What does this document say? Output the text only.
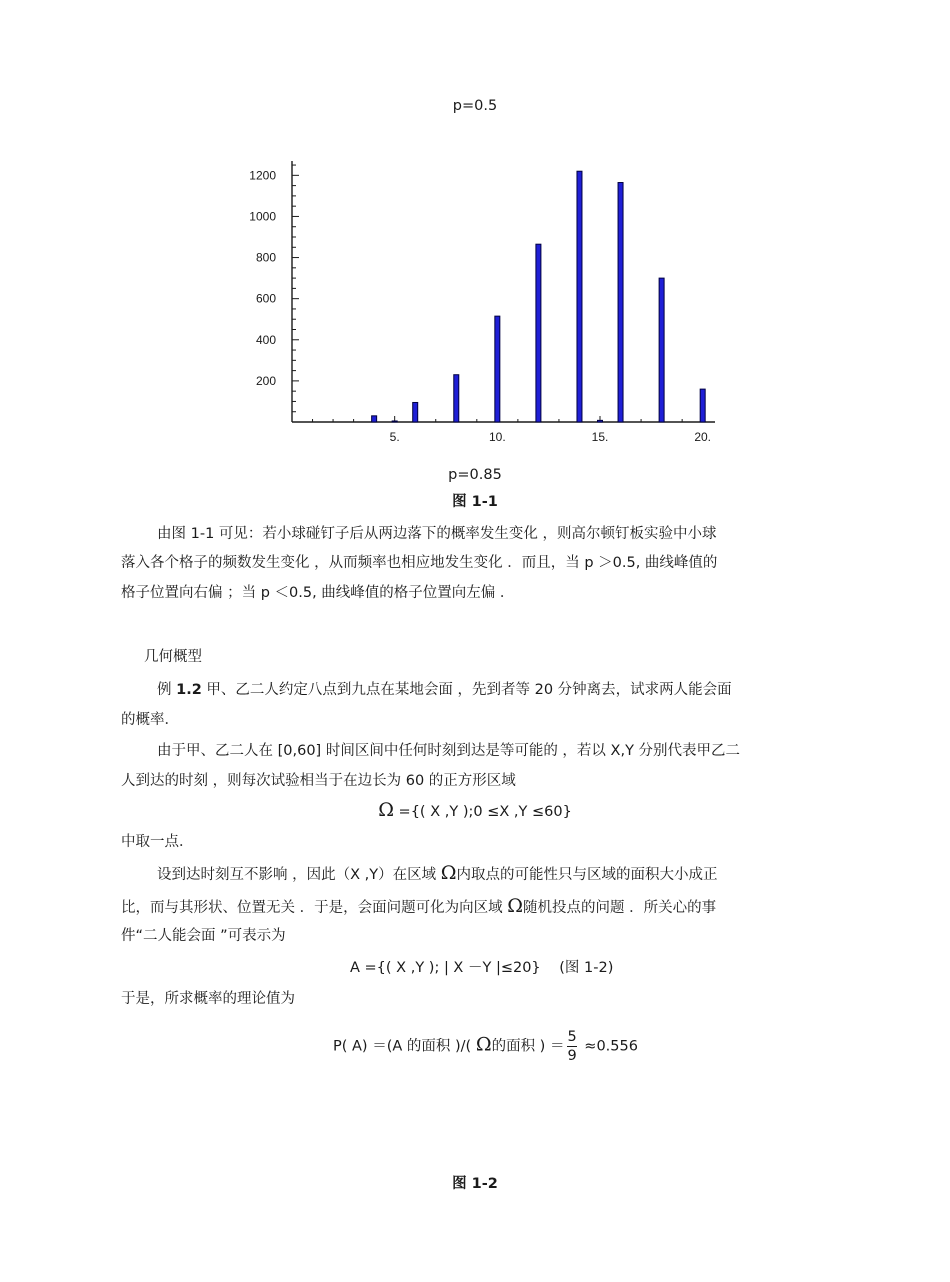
p=0.5
200
400
600
800
1000
1200
5.	10.	15.	20.
p=0.85
图 1-1
由图 1-1 可见：若小球碰钉子后从两边落下的概率发生变化 ，则高尔顿钉板实验中小球
落入各个格子的频数发生变化 ，从而频率也相应地发生变化 ．而且，当 p ＞0.5, 曲线峰值的
格子位置向右偏 ；当 p ＜0.5, 曲线峰值的格子位置向左偏 ．
几何概型
例 1.2 甲、乙二人约定八点到九点在某地会面 ，先到者等 20 分钟离去，试求两人能会面
的概率．
由于甲、乙二人在 [0,60] 时间区间中任何时刻到达是等可能的 ，若以 X,Y 分别代表甲乙二
人到达的时刻 ，则每次试验相当于在边长为 60 的正方形区域
Ω ={( X ,Y );0 ≤X ,Y ≤60}
中取一点．
设到达时刻互不影响 ，因此（X ,Y）在区域 Ω内取点的可能性只与区域的面积大小成正
比，而与其形状、位置无关 ．于是，会面问题可化为向区域 Ω随机投点的问题 ．所关心的事
件“二人能会面 ”可表示为
A ={( X ,Y ); | X －Y |≤20} (图 1-2)
于是，所求概率的理论值为
P( A) ＝(A 的面积 )/( Ω的面积 ) ＝ $\frac{5}{9} \approx 0.556$
图 1-2
